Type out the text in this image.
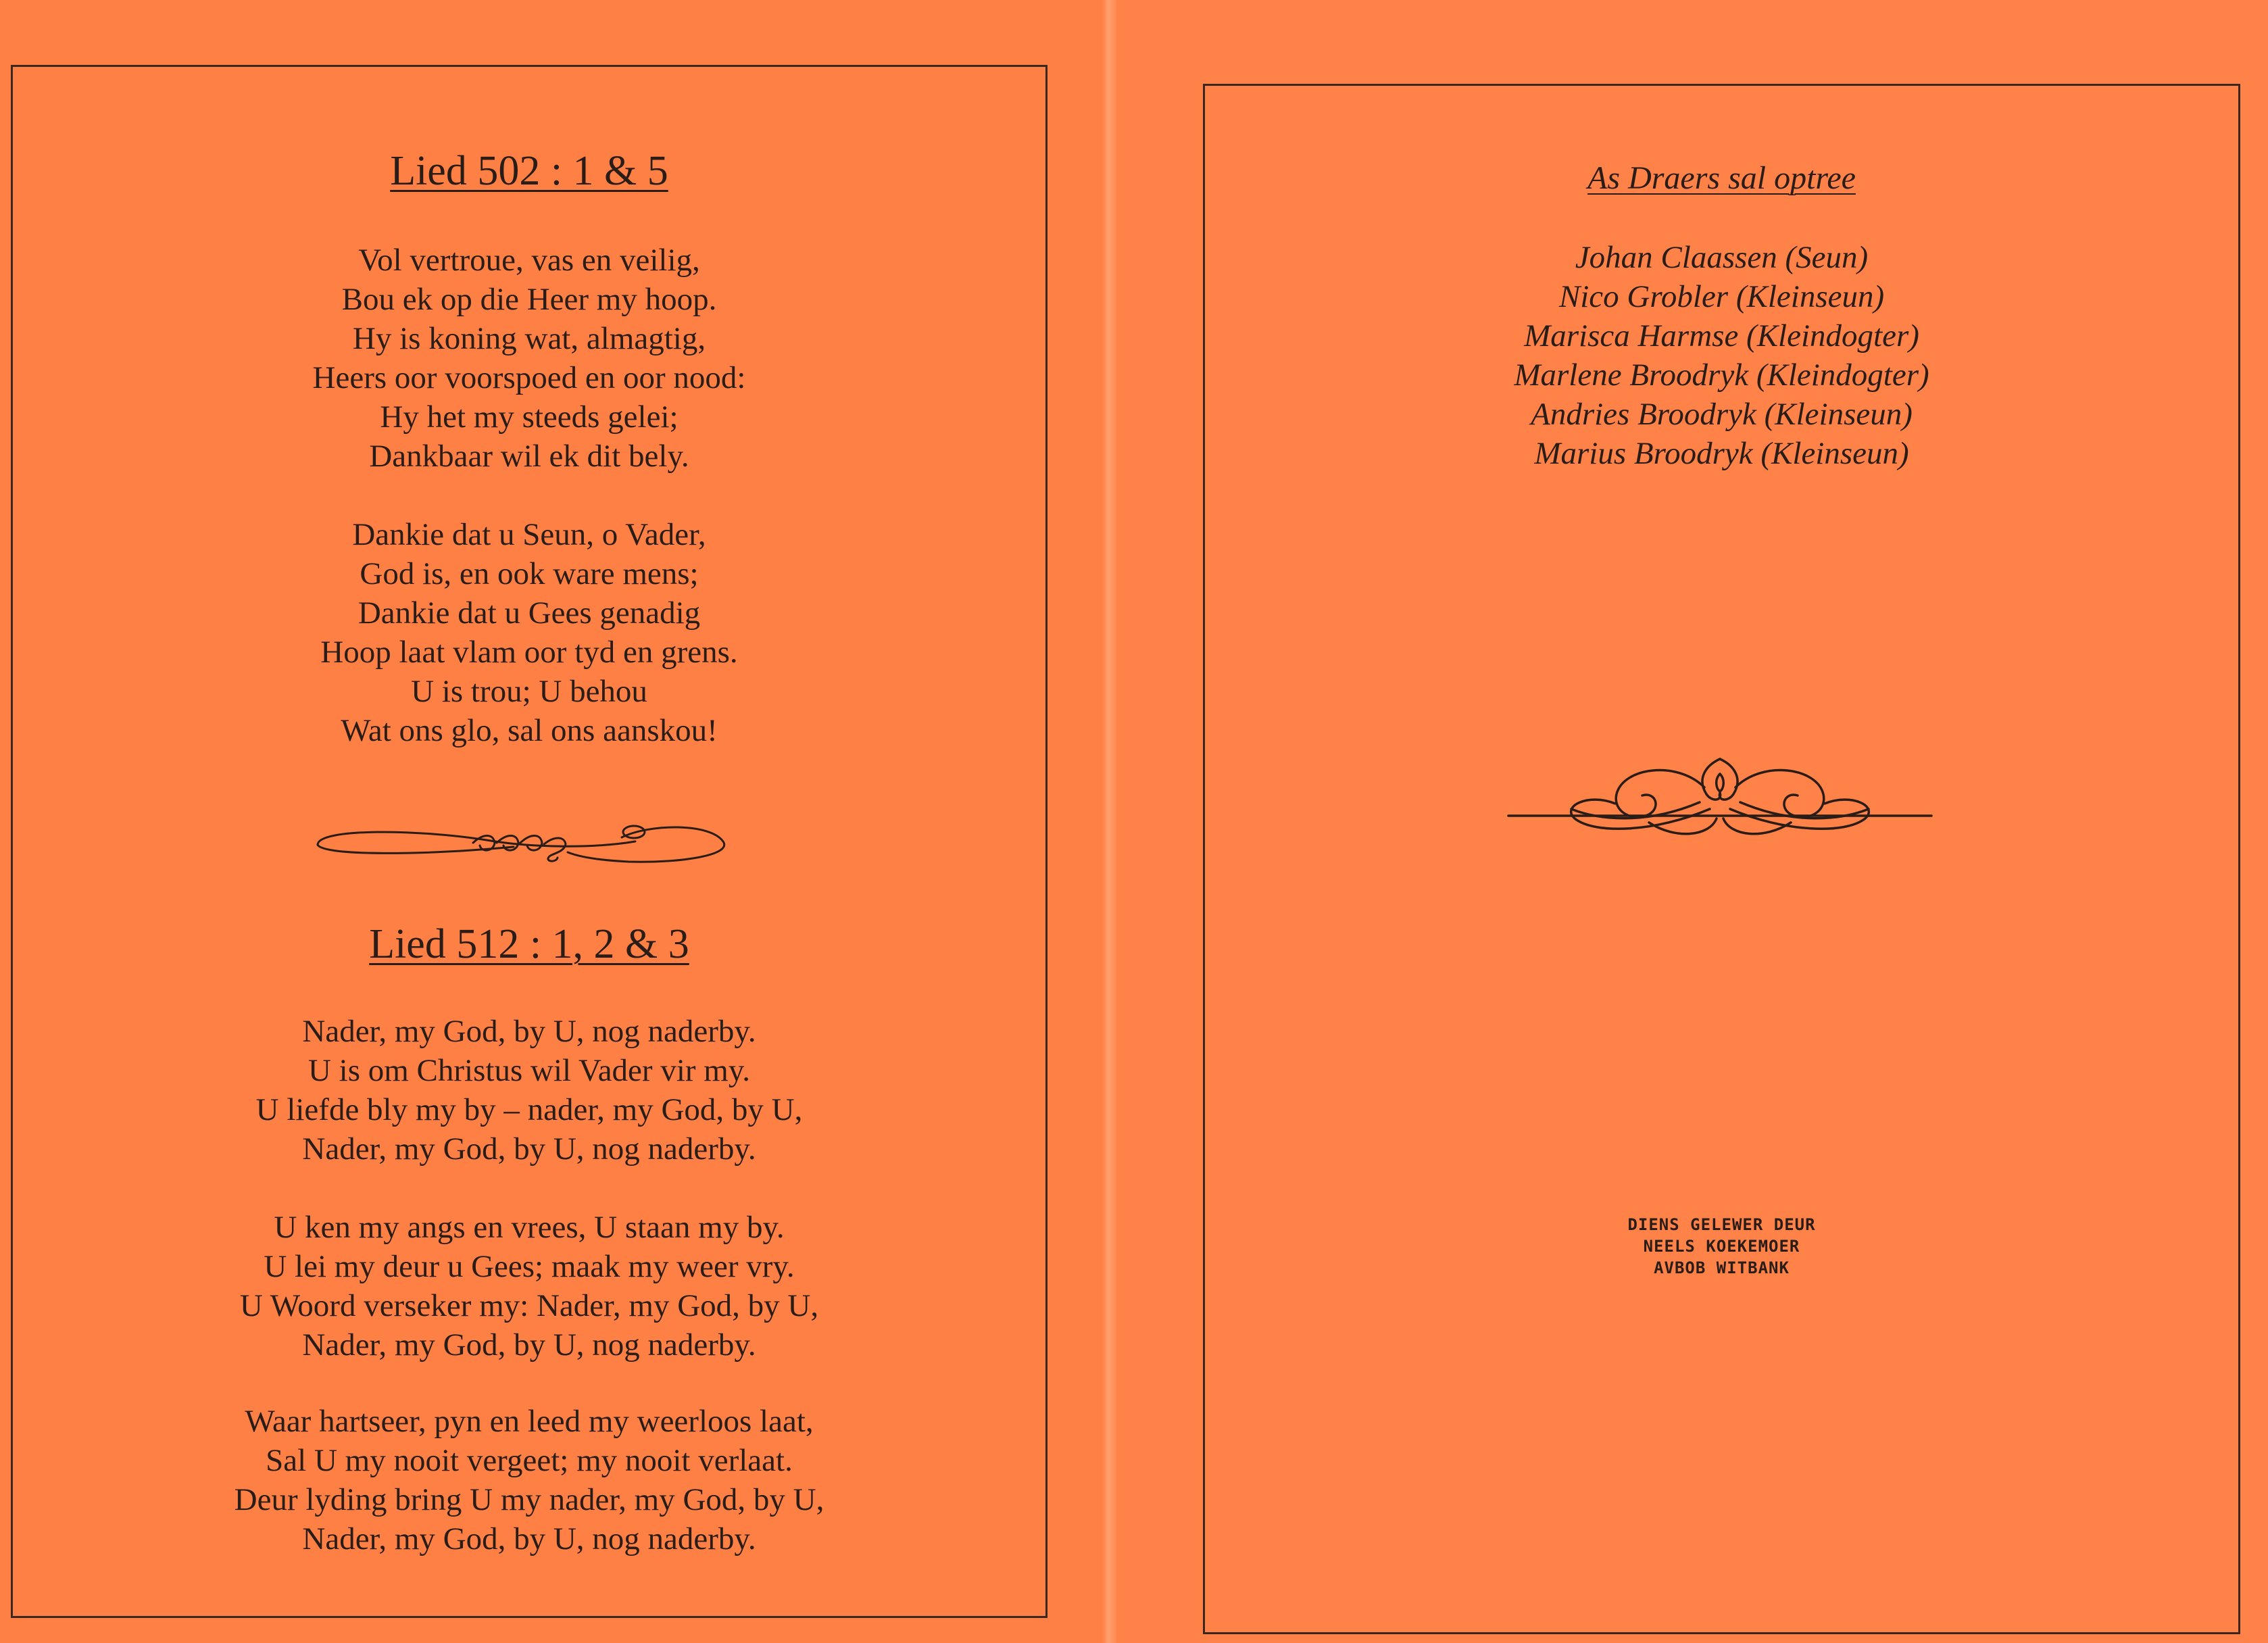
Lied 502 : 1 & 5
Vol vertroue, vas en veilig,
Bou ek op die Heer my hoop.
Hy is koning wat, almagtig,
Heers oor voorspoed en oor nood:
Hy het my steeds gelei;
Dankbaar wil ek dit bely.
Dankie dat u Seun, o Vader,
God is, en ook ware mens;
Dankie dat u Gees genadig
Hoop laat vlam oor tyd en grens.
U is trou; U behou
Wat ons glo, sal ons aanskou!
Lied 512 : 1, 2 & 3
Nader, my God, by U, nog naderby.
U is om Christus wil Vader vir my.
U liefde bly my by – nader, my God, by U,
Nader, my God, by U, nog naderby.
U ken my angs en vrees, U staan my by.
U lei my deur u Gees; maak my weer vry.
U Woord verseker my: Nader, my God, by U,
Nader, my God, by U, nog naderby.
Waar hartseer, pyn en leed my weerloos laat,
Sal U my nooit vergeet; my nooit verlaat.
Deur lyding bring U my nader, my God, by U,
Nader, my God, by U, nog naderby.
As Draers sal optree
Johan Claassen (Seun)
Nico Grobler (Kleinseun)
Marisca Harmse (Kleindogter)
Marlene Broodryk (Kleindogter)
Andries Broodryk (Kleinseun)
Marius Broodryk (Kleinseun)
DIENS GELEWER DEUR
NEELS KOEKEMOER
AVBOB WITBANK
